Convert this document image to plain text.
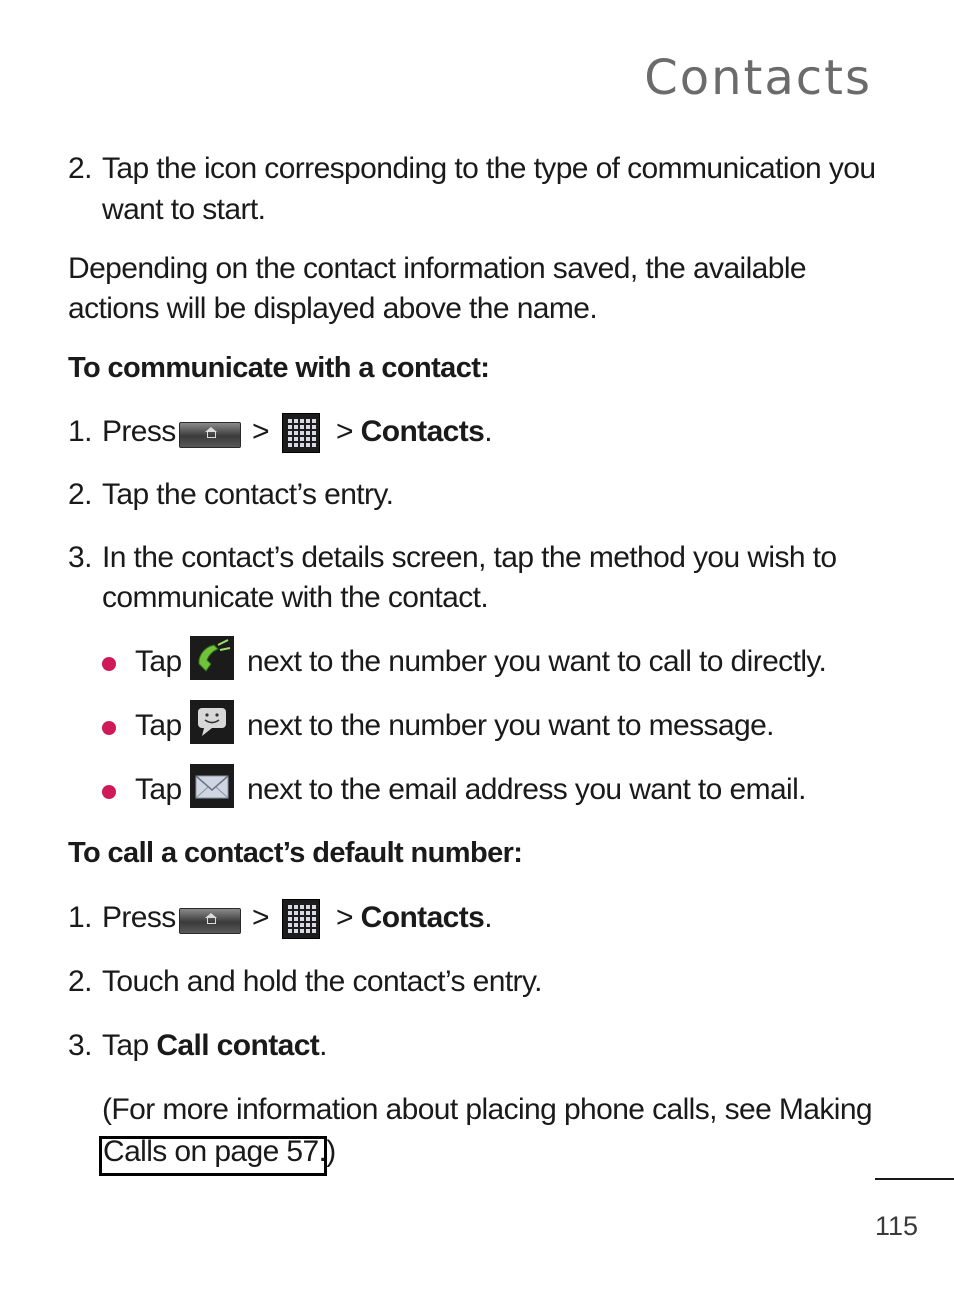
Contacts
2. Tap the icon corresponding to the type of communication you
want to start.
Depending on the contact information saved, the available
actions will be displayed above the name.
To communicate with a contact:
1. Press	> > Contacts.
2. Tap the contact’s entry.
3. In the contact’s details screen, tap the method you wish to
communicate with the contact.
Tap next to the number you want to call to directly.
Tap next to the number you want to message.
Tap next to the email address you want to email.
To call a contact’s default number:
1. Press	> > Contacts.
2. Touch and hold the contact’s entry.
3. Tap Call contact.
(For more information about placing phone calls, see Making
Calls on page 57.)
115
